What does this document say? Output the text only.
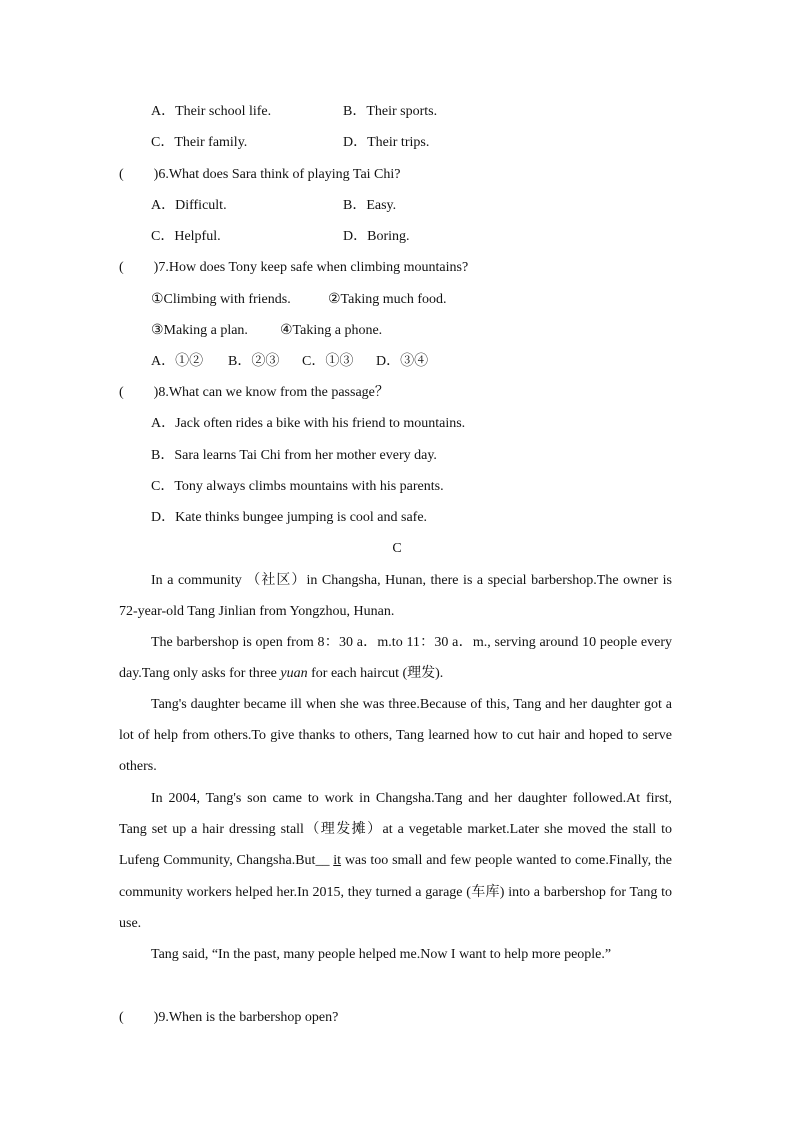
A．Their school life.	B．Their sports.
C．Their family.	D．Their trips.
( )6.What does Sara think of playing Tai Chi?
A．Difficult.	B．Easy.
C．Helpful.	D．Boring.
( )7.How does Tony keep safe when climbing mountains?
①Climbing with friends.	②Taking much food.
③Making a plan. ④Taking a phone.
A．①② B．②③ C．①③ D．③④
( )8.What can we know from the passage？
A．Jack often rides a bike with his friend to mountains.
B．Sara learns Tai Chi from her mother every day.
C．Tony always climbs mountains with his parents.
D．Kate thinks bungee jumping is cool and safe.
C
In a community （社区）in Changsha, Hunan, there is a special barbershop.The owner is 72-year-old Tang Jinlian from Yongzhou, Hunan.
The barbershop is open from 8：30 a．m.to 11：30 a．m., serving around 10 people every day.Tang only asks for three yuan for each haircut (理发).
Tang's daughter became ill when she was three.Because of this, Tang and her daughter got a lot of help from others.To give thanks to others, Tang learned how to cut hair and hoped to serve others.
In 2004, Tang's son came to work in Changsha.Tang and her daughter followed.At first, Tang set up a hair dressing stall（理发摊）at a vegetable market.Later she moved the stall to Lufeng Community, Changsha.But__ it was too small and few people wanted to come.Finally, the community workers helped her.In 2015, they turned a garage (车库) into a barbershop for Tang to use.
Tang said, “In the past, many people helped me.Now I want to help more people.”
( )9.When is the barbershop open?
